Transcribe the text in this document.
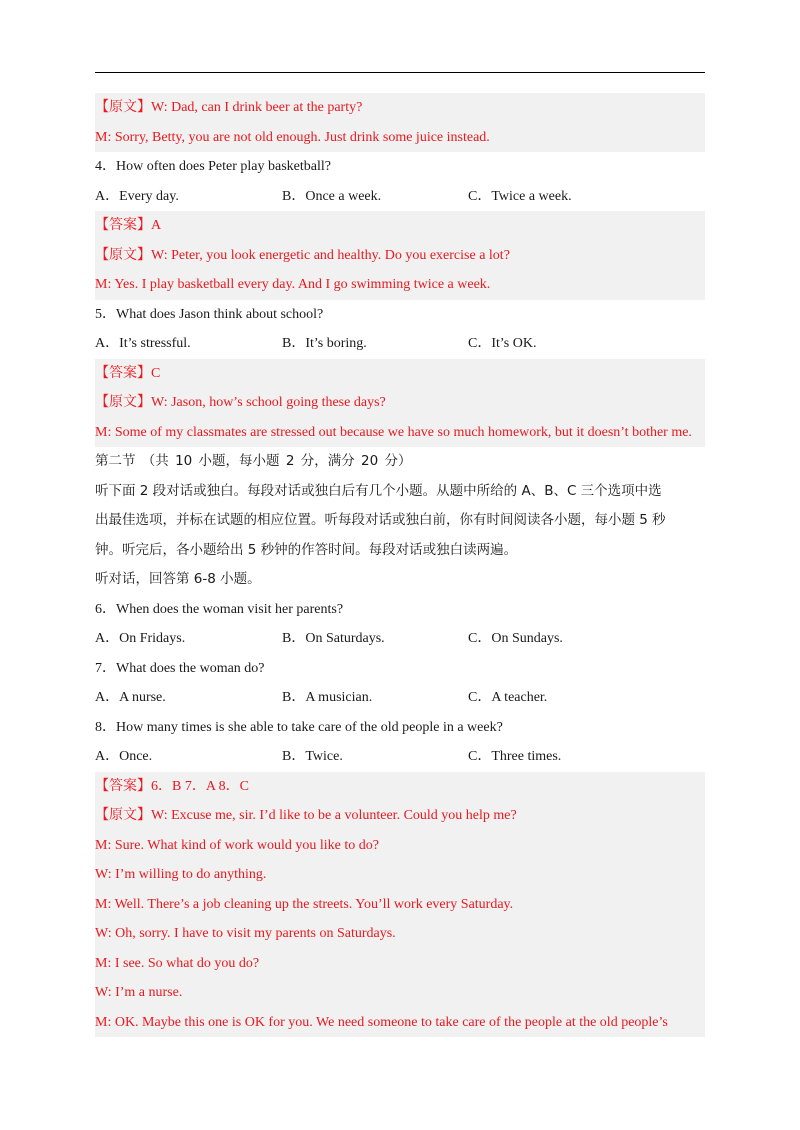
【原文】W: Dad, can I drink beer at the party?
M: Sorry, Betty, you are not old enough. Just drink some juice instead.
4．How often does Peter play basketball?
A．Every day.	B．Once a week.	C．Twice a week.
【答案】A
【原文】W: Peter, you look energetic and healthy. Do you exercise a lot?
M: Yes. I play basketball every day. And I go swimming twice a week.
5．What does Jason think about school?
A．It’s stressful.	B．It’s boring.	C．It’s OK.
【答案】C
【原文】W: Jason, how’s school going these days?
M: Some of my classmates are stressed out because we have so much homework, but it doesn’t bother me.
第二节 （共 10 小题，每小题 2 分，满分 20 分）
听下面 2 段对话或独白。每段对话或独白后有几个小题。从题中所给的 A、B、C 三个选项中选
出最佳选项，并标在试题的相应位置。听每段对话或独白前，你有时间阅读各小题，每小题 5 秒
钟。听完后，各小题给出 5 秒钟的作答时间。每段对话或独白读两遍。
听对话，回答第 6-8 小题。
6．When does the woman visit her parents?
A．On Fridays.	B．On Saturdays.	C．On Sundays.
7．What does the woman do?
A．A nurse.	B．A musician.	C．A teacher.
8．How many times is she able to take care of the old people in a week?
A．Once.	B．Twice.	C．Three times.
【答案】6．B 7．A 8．C
【原文】W: Excuse me, sir. I’d like to be a volunteer. Could you help me?
M: Sure. What kind of work would you like to do?
W: I’m willing to do anything.
M: Well. There’s a job cleaning up the streets. You’ll work every Saturday.
W: Oh, sorry. I have to visit my parents on Saturdays.
M: I see. So what do you do?
W: I’m a nurse.
M: OK. Maybe this one is OK for you. We need someone to take care of the people at the old people’s
